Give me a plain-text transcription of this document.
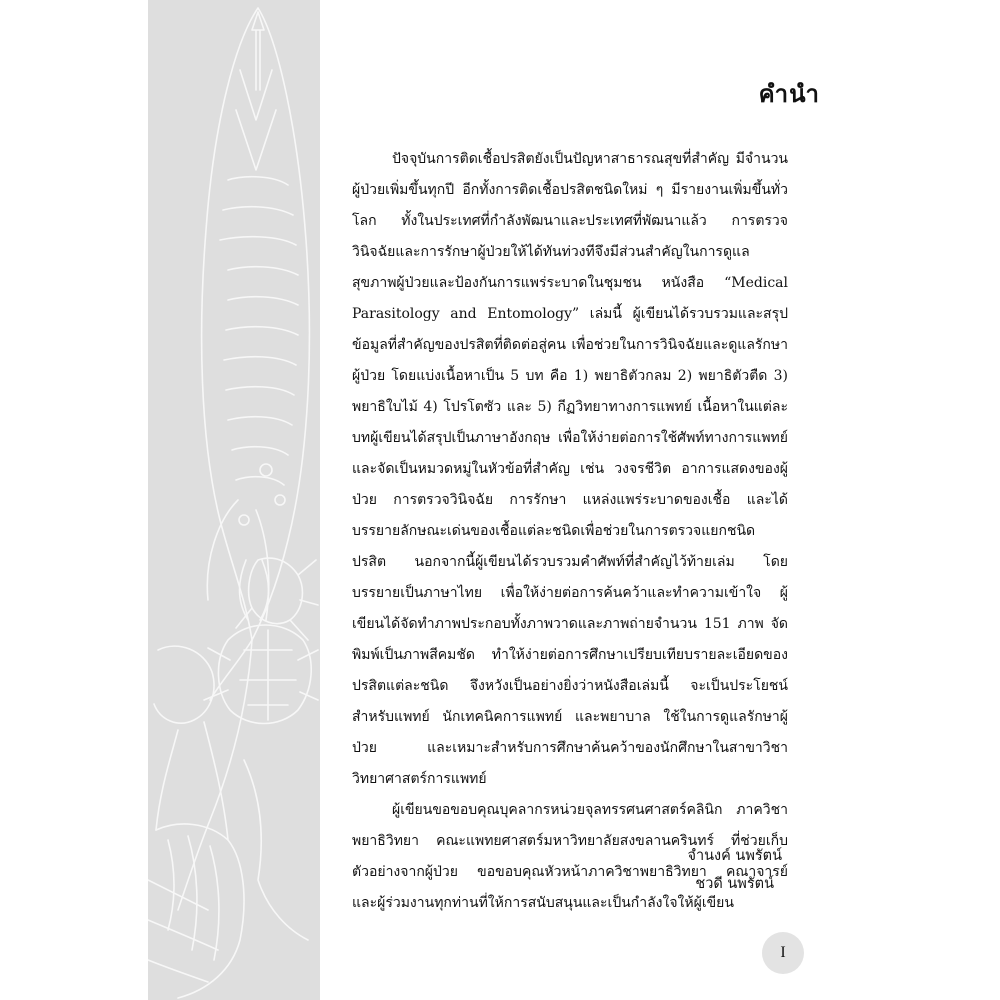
คำนำ

ปัจจุบันการติดเชื้อปรสิตยังเป็นปัญหาสาธารณสุขที่สำคัญ มีจำนวนผู้ป่วยเพิ่มขึ้นทุกปี อีกทั้งการติดเชื้อปรสิตชนิดใหม่ ๆ มีรายงานเพิ่มขึ้นทั่วโลก ทั้งในประเทศที่กำลังพัฒนาและประเทศที่พัฒนาแล้ว การตรวจวินิจฉัยและการรักษาผู้ป่วยให้ได้ทันท่วงทีจึงมีส่วนสำคัญในการดูแลสุขภาพผู้ป่วยและป้องกันการแพร่ระบาดในชุมชน หนังสือ “Medical Parasitology and Entomology” เล่มนี้ ผู้เขียนได้รวบรวมและสรุปข้อมูลที่สำคัญของปรสิตที่ติดต่อสู่คน เพื่อช่วยในการวินิจฉัยและดูแลรักษาผู้ป่วย โดยแบ่งเนื้อหาเป็น 5 บท คือ 1) พยาธิตัวกลม 2) พยาธิตัวตืด 3) พยาธิใบไม้ 4) โปรโตซัว และ 5) กีฏวิทยาทางการแพทย์ เนื้อหาในแต่ละบทผู้เขียนได้สรุปเป็นภาษาอังกฤษ เพื่อให้ง่ายต่อการใช้ศัพท์ทางการแพทย์ และจัดเป็นหมวดหมู่ในหัวข้อที่สำคัญ เช่น วงจรชีวิต อาการแสดงของผู้ป่วย การตรวจวินิจฉัย การรักษา แหล่งแพร่ระบาดของเชื้อ และได้บรรยายลักษณะเด่นของเชื้อแต่ละชนิดเพื่อช่วยในการตรวจแยกชนิดปรสิต นอกจากนี้ผู้เขียนได้รวบรวมคำศัพท์ที่สำคัญไว้ท้ายเล่ม โดยบรรยายเป็นภาษาไทย เพื่อให้ง่ายต่อการค้นคว้าและทำความเข้าใจ ผู้เขียนได้จัดทำภาพประกอบทั้งภาพวาดและภาพถ่ายจำนวน 151 ภาพ จัดพิมพ์เป็นภาพสีคมชัด ทำให้ง่ายต่อการศึกษาเปรียบเทียบรายละเอียดของปรสิตแต่ละชนิด จึงหวังเป็นอย่างยิ่งว่าหนังสือเล่มนี้ จะเป็นประโยชน์สำหรับแพทย์ นักเทคนิคการแพทย์ และพยาบาล ใช้ในการดูแลรักษาผู้ป่วย และเหมาะสำหรับการศึกษาค้นคว้าของนักศึกษาในสาขาวิชาวิทยาศาสตร์การแพทย์

ผู้เขียนขอขอบคุณบุคลากรหน่วยจุลทรรศนศาสตร์คลินิก ภาควิชาพยาธิวิทยา คณะแพทยศาสตร์มหาวิทยาลัยสงขลานครินทร์ ที่ช่วยเก็บตัวอย่างจากผู้ป่วย ขอขอบคุณหัวหน้าภาควิชาพยาธิวิทยา คณาจารย์ และผู้ร่วมงานทุกท่านที่ให้การสนับสนุนและเป็นกำลังใจให้ผู้เขียน

จำนงค์ นพรัตน์
ชวดี นพรัตน์
I
